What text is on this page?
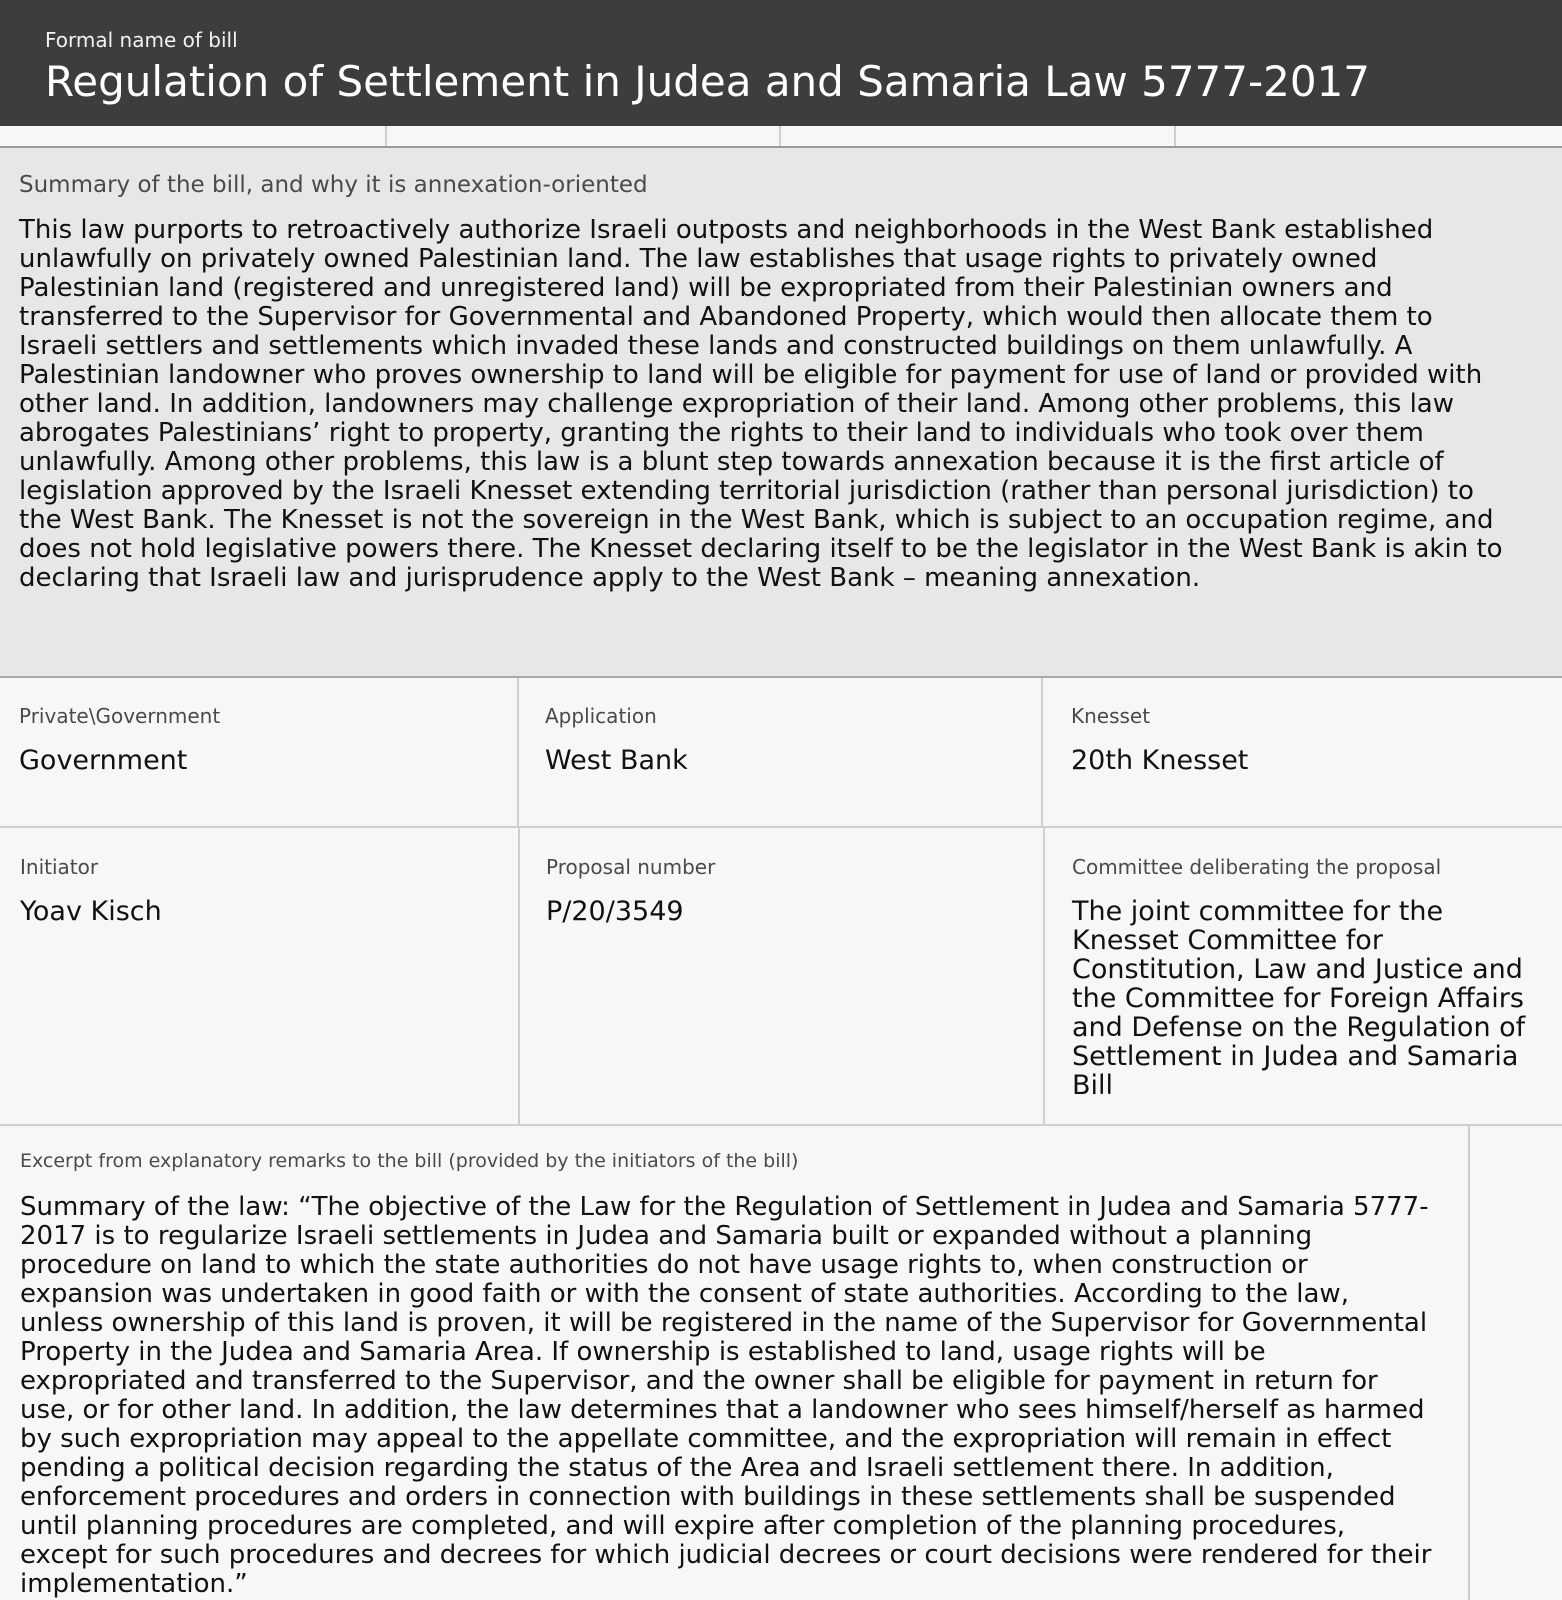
Formal name of bill
Regulation of Settlement in Judea and Samaria Law 5777-2017
Summary of the bill, and why it is annexation-oriented
This law purports to retroactively authorize Israeli outposts and neighborhoods in the West Bank established unlawfully on privately owned Palestinian land. The law establishes that usage rights to privately owned Palestinian land (registered and unregistered land) will be expropriated from their Palestinian owners and transferred to the Supervisor for Governmental and Abandoned Property, which would then allocate them to Israeli settlers and settlements which invaded these lands and constructed buildings on them unlawfully. A Palestinian landowner who proves ownership to land will be eligible for payment for use of land or provided with other land. In addition, landowners may challenge expropriation of their land. Among other problems, this law abrogates Palestinians’ right to property, granting the rights to their land to individuals who took over them unlawfully. Among other problems, this law is a blunt step towards annexation because it is the first article of legislation approved by the Israeli Knesset extending territorial jurisdiction (rather than personal jurisdiction) to the West Bank. The Knesset is not the sovereign in the West Bank, which is subject to an occupation regime, and does not hold legislative powers there. The Knesset declaring itself to be the legislator in the West Bank is akin to declaring that Israeli law and jurisprudence apply to the West Bank – meaning annexation.
Private\Government
Government
Application
West Bank
Knesset
20th Knesset
Initiator
Yoav Kisch
Proposal number
P/20/3549
Committee deliberating the proposal
The joint committee for the Knesset Committee for Constitution, Law and Justice and the Committee for Foreign Affairs and Defense on the Regulation of Settlement in Judea and Samaria Bill
Excerpt from explanatory remarks to the bill (provided by the initiators of the bill)
Summary of the law: “The objective of the Law for the Regulation of Settlement in Judea and Samaria 5777-2017 is to regularize Israeli settlements in Judea and Samaria built or expanded without a planning procedure on land to which the state authorities do not have usage rights to, when construction or expansion was undertaken in good faith or with the consent of state authorities. According to the law, unless ownership of this land is proven, it will be registered in the name of the Supervisor for Governmental Property in the Judea and Samaria Area. If ownership is established to land, usage rights will be expropriated and transferred to the Supervisor, and the owner shall be eligible for payment in return for use, or for other land. In addition, the law determines that a landowner who sees himself/herself as harmed by such expropriation may appeal to the appellate committee, and the expropriation will remain in effect pending a political decision regarding the status of the Area and Israeli settlement there. In addition, enforcement procedures and orders in connection with buildings in these settlements shall be suspended until planning procedures are completed, and will expire after completion of the planning procedures, except for such procedures and decrees for which judicial decrees or court decisions were rendered for their implementation.”
